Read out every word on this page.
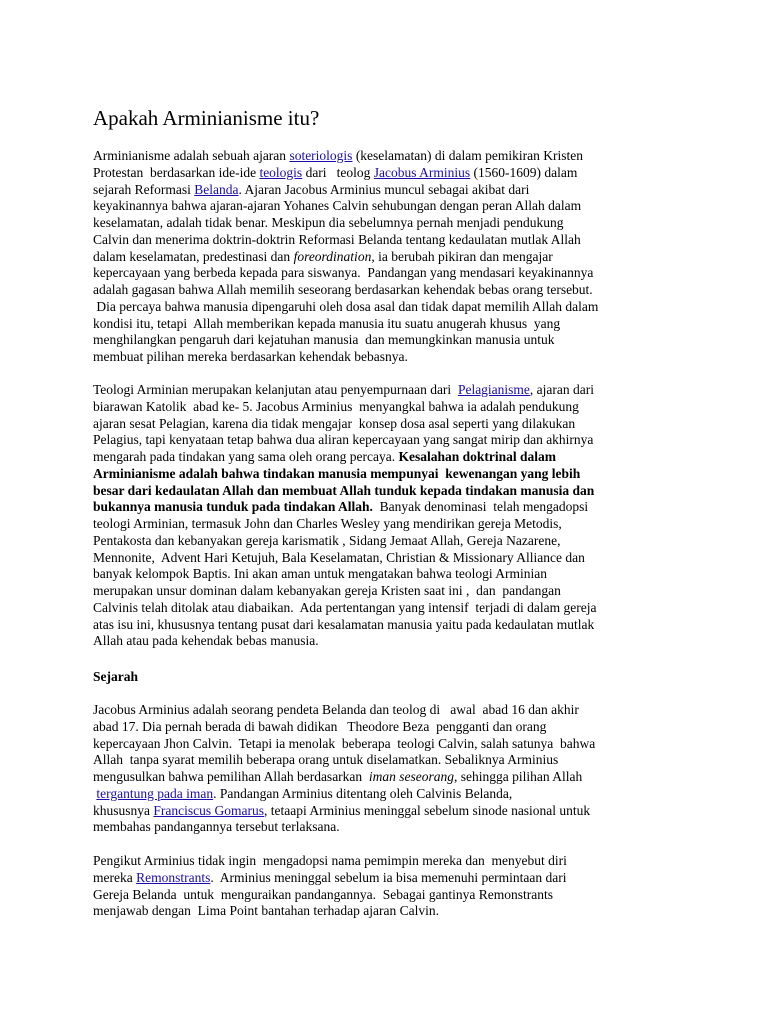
Apakah Arminianisme itu?
Arminianisme adalah sebuah ajaran soteriologis (keselamatan) di dalam pemikiran Kristen
Protestan  berdasarkan ide-ide teologis dari   teolog Jacobus Arminius (1560-1609) dalam
sejarah Reformasi Belanda. Ajaran Jacobus Arminius muncul sebagai akibat dari
keyakinannya bahwa ajaran-ajaran Yohanes Calvin sehubungan dengan peran Allah dalam
keselamatan, adalah tidak benar. Meskipun dia sebelumnya pernah menjadi pendukung
Calvin dan menerima doktrin-doktrin Reformasi Belanda tentang kedaulatan mutlak Allah
dalam keselamatan, predestinasi dan foreordination, ia berubah pikiran dan mengajar
kepercayaan yang berbeda kepada para siswanya.  Pandangan yang mendasari keyakinannya
adalah gagasan bahwa Allah memilih seseorang berdasarkan kehendak bebas orang tersebut.
Dia percaya bahwa manusia dipengaruhi oleh dosa asal dan tidak dapat memilih Allah dalam
kondisi itu, tetapi  Allah memberikan kepada manusia itu suatu anugerah khusus  yang
menghilangkan pengaruh dari kejatuhan manusia  dan memungkinkan manusia untuk
membuat pilihan mereka berdasarkan kehendak bebasnya.
Teologi Arminian merupakan kelanjutan atau penyempurnaan dari  Pelagianisme, ajaran dari
biarawan Katolik  abad ke- 5. Jacobus Arminius  menyangkal bahwa ia adalah pendukung
ajaran sesat Pelagian, karena dia tidak mengajar  konsep dosa asal seperti yang dilakukan
Pelagius, tapi kenyataan tetap bahwa dua aliran kepercayaan yang sangat mirip dan akhirnya
mengarah pada tindakan yang sama oleh orang percaya. Kesalahan doktrinal dalam
Arminianisme adalah bahwa tindakan manusia mempunyai  kewenangan yang lebih
besar dari kedaulatan Allah dan membuat Allah tunduk kepada tindakan manusia dan
bukannya manusia tunduk pada tindakan Allah.  Banyak denominasi  telah mengadopsi
teologi Arminian, termasuk John dan Charles Wesley yang mendirikan gereja Metodis,
Pentakosta dan kebanyakan gereja karismatik , Sidang Jemaat Allah, Gereja Nazarene,
Mennonite,  Advent Hari Ketujuh, Bala Keselamatan, Christian & Missionary Alliance dan
banyak kelompok Baptis. Ini akan aman untuk mengatakan bahwa teologi Arminian
merupakan unsur dominan dalam kebanyakan gereja Kristen saat ini ,  dan  pandangan
Calvinis telah ditolak atau diabaikan.  Ada pertentangan yang intensif  terjadi di dalam gereja
atas isu ini, khususnya tentang pusat dari kesalamatan manusia yaitu pada kedaulatan mutlak
Allah atau pada kehendak bebas manusia.
Sejarah
Jacobus Arminius adalah seorang pendeta Belanda dan teolog di   awal  abad 16 dan akhir
abad 17. Dia pernah berada di bawah didikan   Theodore Beza  pengganti dan orang
kepercayaan Jhon Calvin.  Tetapi ia menolak  beberapa  teologi Calvin, salah satunya  bahwa
Allah  tanpa syarat memilih beberapa orang untuk diselamatkan. Sebaliknya Arminius
mengusulkan bahwa pemilihan Allah berdasarkan  iman seseorang, sehingga pilihan Allah
tergantung pada iman. Pandangan Arminius ditentang oleh Calvinis Belanda,
khususnya Franciscus Gomarus, tetaapi Arminius meninggal sebelum sinode nasional untuk
membahas pandangannya tersebut terlaksana.
Pengikut Arminius tidak ingin  mengadopsi nama pemimpin mereka dan  menyebut diri
mereka Remonstrants.  Arminius meninggal sebelum ia bisa memenuhi permintaan dari
Gereja Belanda  untuk  menguraikan pandangannya.  Sebagai gantinya Remonstrants
menjawab dengan  Lima Point bantahan terhadap ajaran Calvin.
